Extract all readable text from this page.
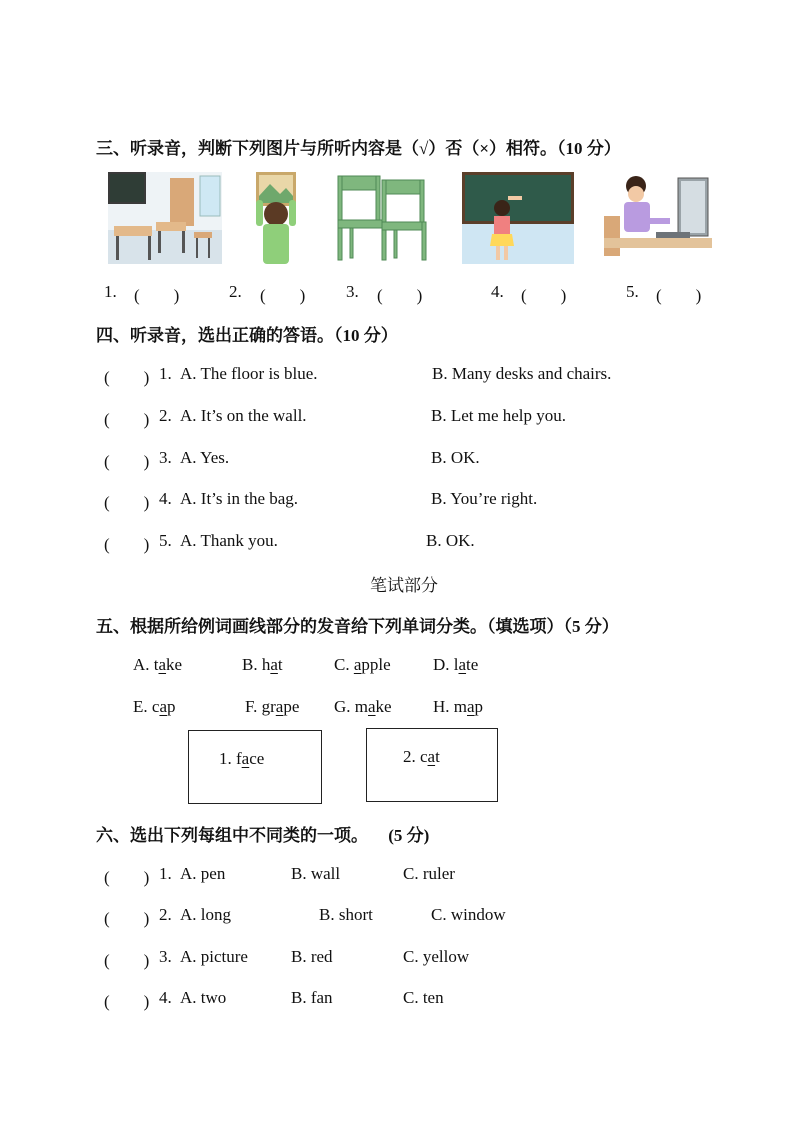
三、听录音，判断下列图片与所听内容是（√）否（×）相符。（10 分）
1. (　　)	2. (　　) 3. (　　)	4. (　　)	5. (　　)
四、听录音，选出正确的答语。（10 分）
(　　) 1. A. The floor is blue.	B. Many desks and chairs.
(　　) 2. A. It’s on the wall.	B. Let me help you.
(　　) 3. A. Yes.	B. OK.
(　　) 4. A. It’s in the bag.	B. You’re right.
(　　) 5. A. Thank you.	B. OK.
笔试部分
五、根据所给例词画线部分的发音给下列单词分类。（填选项）（5 分）
A. take	B. hat	C. apple D. late
E. cap	F. grape G. make H. map
1. face	2. cat
六、选出下列每组中不同类的一项。 (5 分)
(　　) 1. A. pen	B. wall	C. ruler
(　　) 2. A. long	B. short	C. window
(　　) 3. A. picture	B. red	C. yellow
(　　) 4. A. two	B. fan	C. ten
